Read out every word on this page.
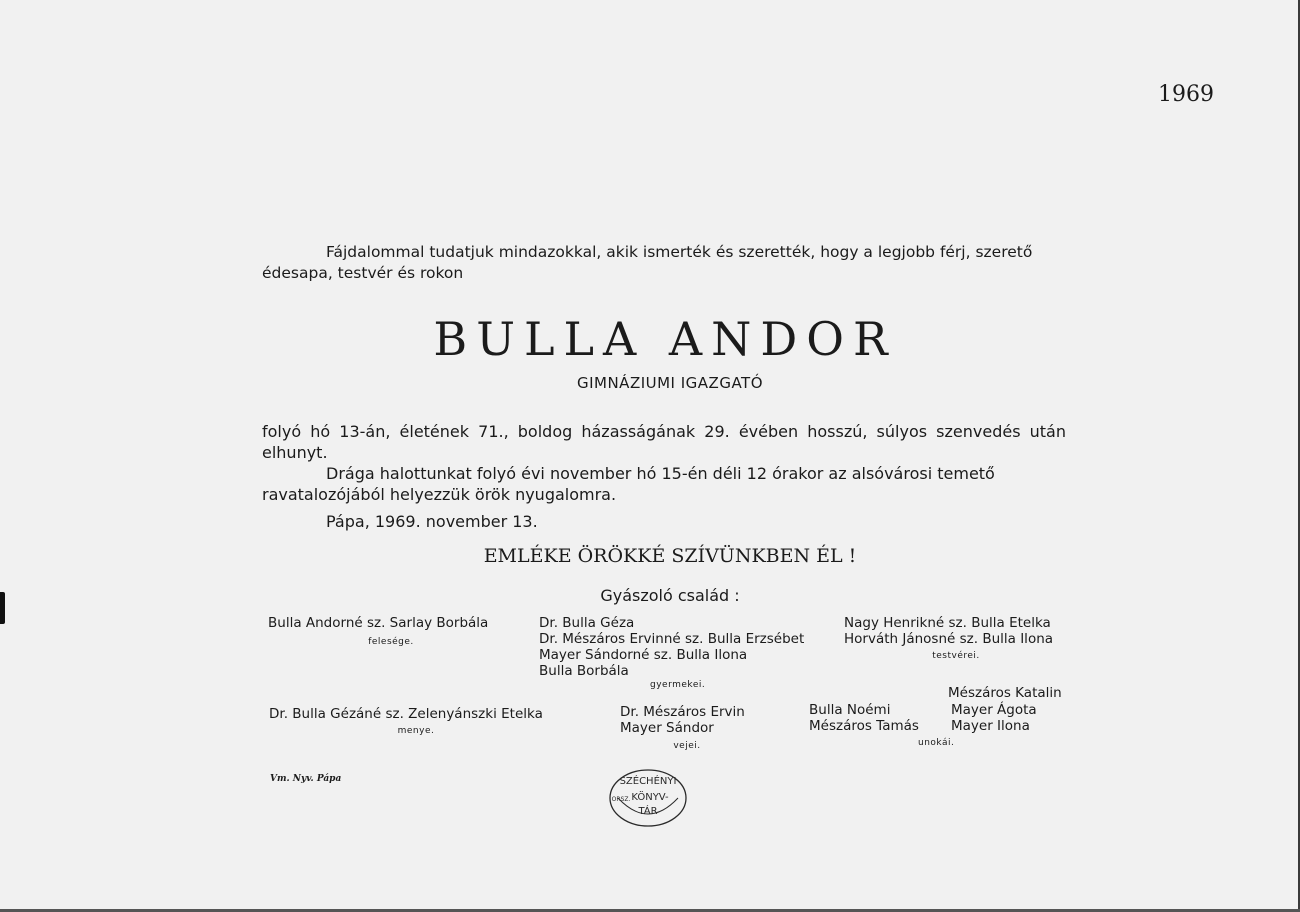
1969

Fájdalommal tudatjuk mindazokkal, akik ismerték és szerették, hogy a legjobb férj, szerető édesapa, testvér és rokon

BULLA ANDOR
GIMNÁZIUMI IGAZGATÓ

folyó hó 13-án, életének 71., boldog házasságának 29. évében hosszú, súlyos szenvedés után elhunyt.

Drága halottunkat folyó évi november hó 15-én déli 12 órakor az alsóvárosi temető ravatalozójából helyezzük örök nyugalomra.

Pápa, 1969. november 13.
EMLÉKE ÖRÖKKÉ SZÍVÜNKBEN ÉL !
Gyászoló család :
Bulla Andorné sz. Sarlay Borbála
felesége.
Dr. Bulla Géza
Dr. Mészáros Ervinné sz. Bulla Erzsébet
Mayer Sándorné sz. Bulla Ilona
Bulla Borbála
gyermekei.
Nagy Henrikné sz. Bulla Etelka
Horváth Jánosné sz. Bulla Ilona
testvérei.
Dr. Bulla Gézáné sz. Zelenyánszki Etelka
menye.
Dr. Mészáros Ervin
Mayer Sándor
vejei.
Mészáros Katalin
Bulla Noémi	Mayer Ágota
Mészáros Tamás Mayer Ilona
unokái.
Vm. Nyv. Pápa	SZÉCHÉNYI
KÖNYV-
TÁR
ORSZ.
